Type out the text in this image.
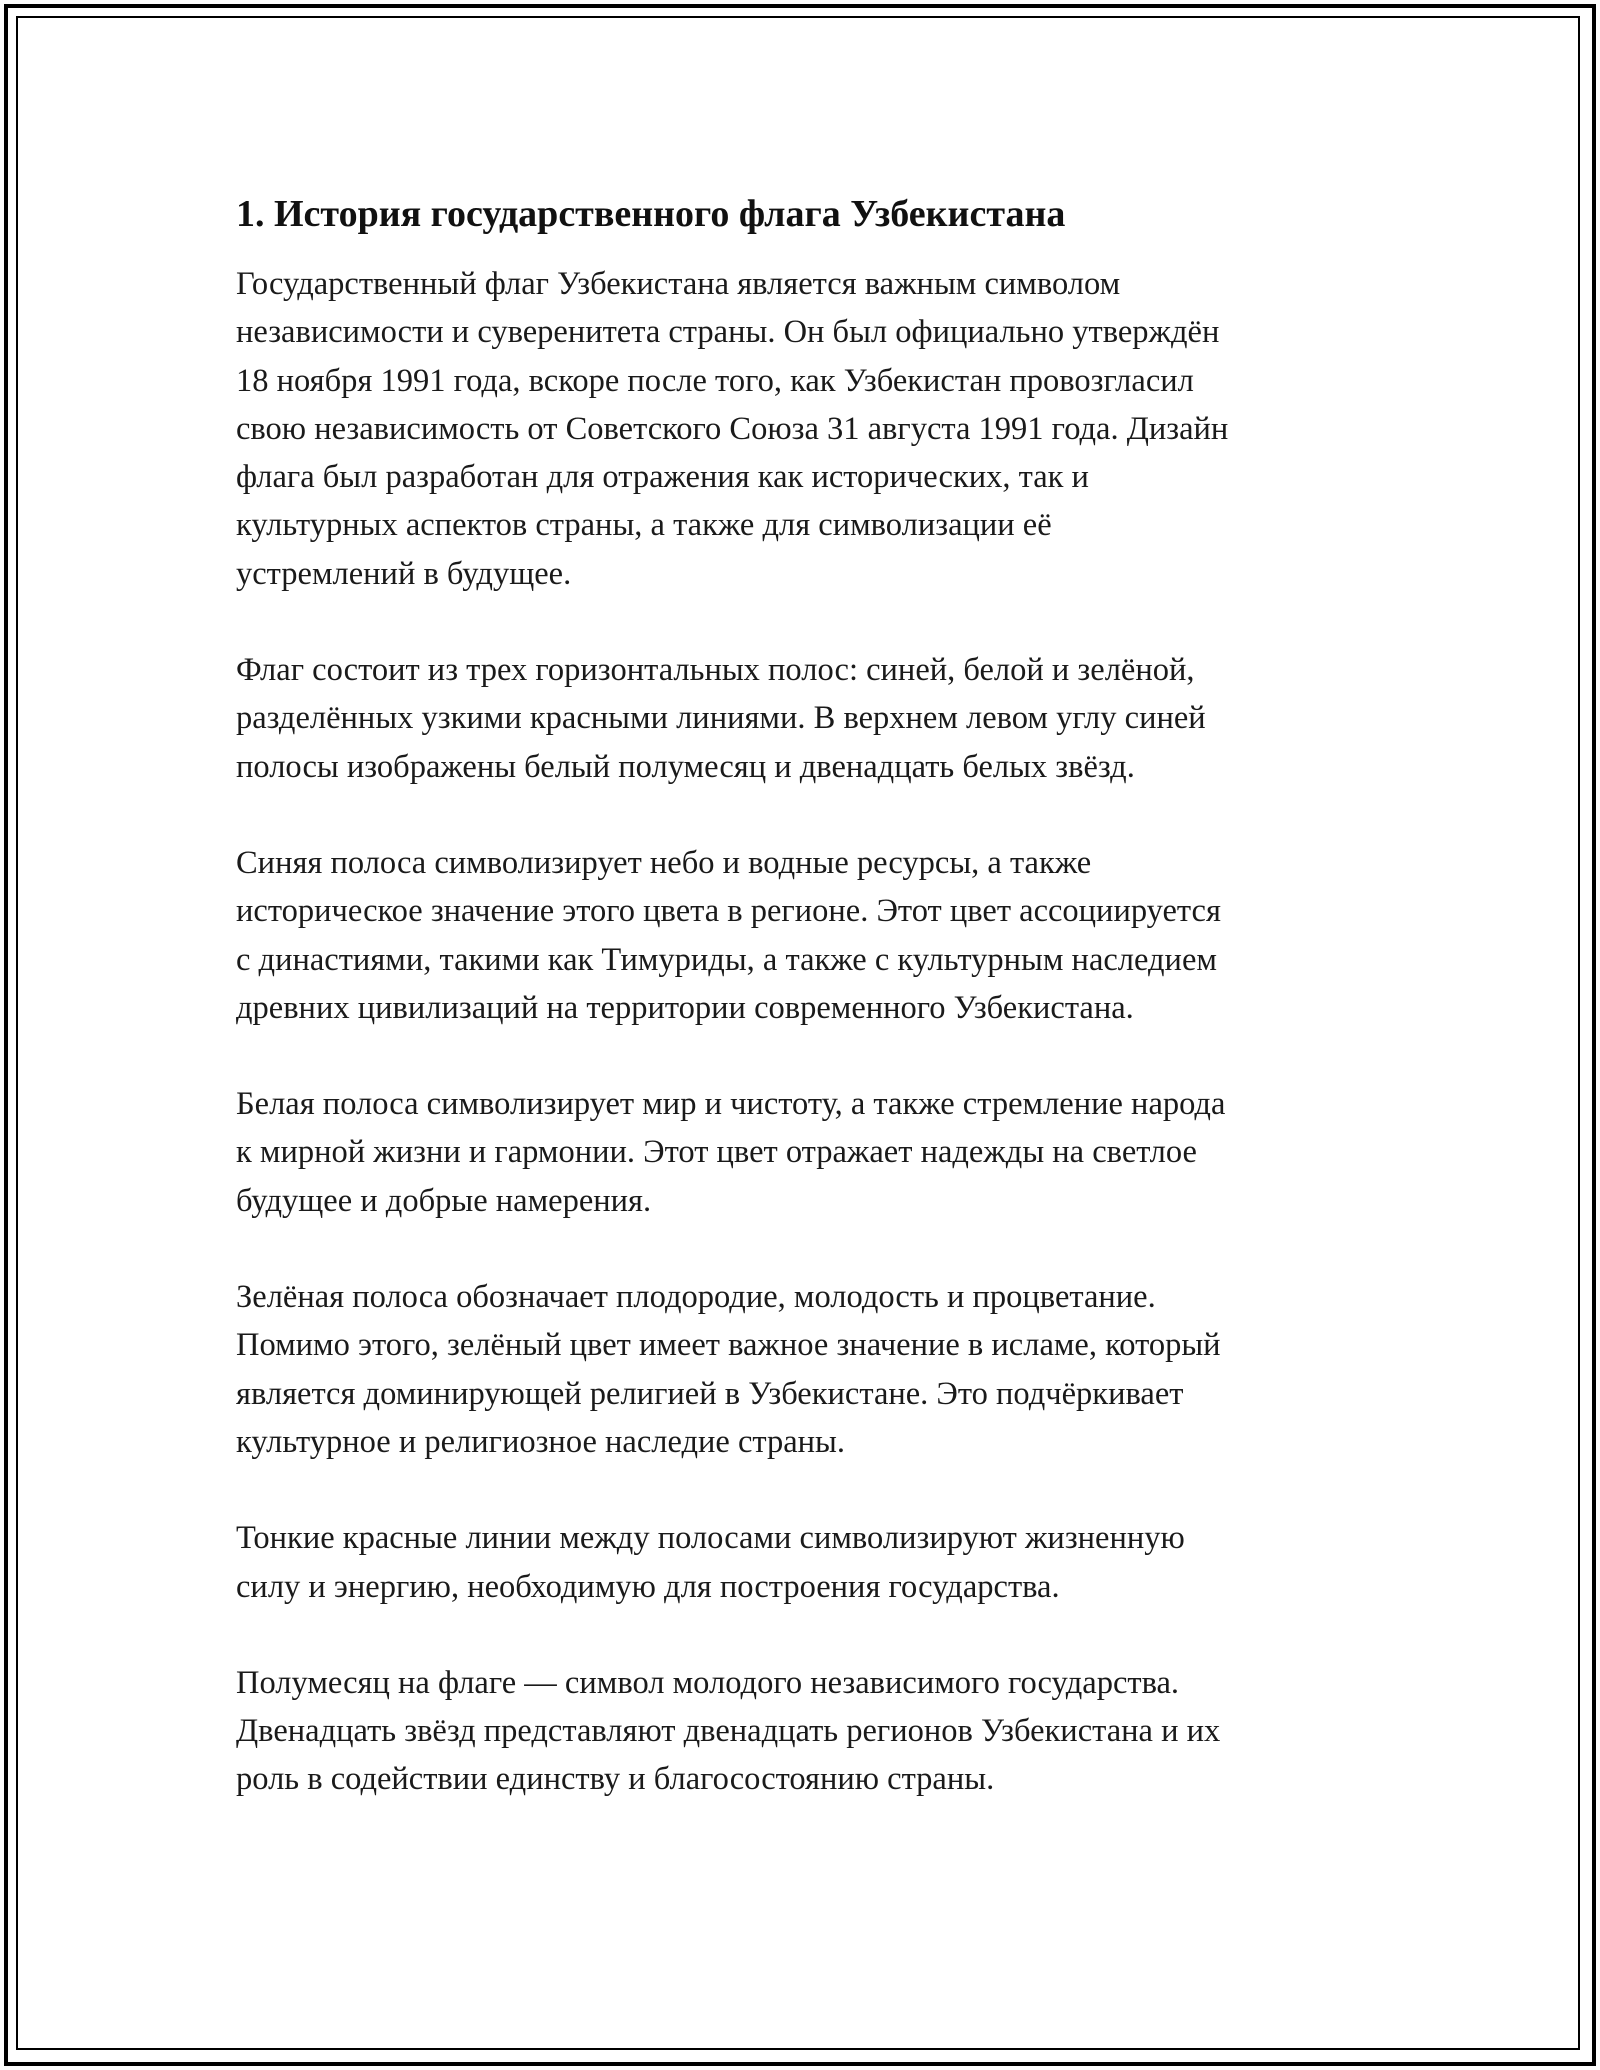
1. История государственного флага Узбекистана

Государственный флаг Узбекистана является важным символом
независимости и суверенитета страны. Он был официально утверждён
18 ноября 1991 года, вскоре после того, как Узбекистан провозгласил
свою независимость от Советского Союза 31 августа 1991 года. Дизайн
флага был разработан для отражения как исторических, так и
культурных аспектов страны, а также для символизации её
устремлений в будущее.

Флаг состоит из трех горизонтальных полос: синей, белой и зелёной,
разделённых узкими красными линиями. В верхнем левом углу синей
полосы изображены белый полумесяц и двенадцать белых звёзд.

Синяя полоса символизирует небо и водные ресурсы, а также
историческое значение этого цвета в регионе. Этот цвет ассоциируется
с династиями, такими как Тимуриды, а также с культурным наследием
древних цивилизаций на территории современного Узбекистана.

Белая полоса символизирует мир и чистоту, а также стремление народа
к мирной жизни и гармонии. Этот цвет отражает надежды на светлое
будущее и добрые намерения.

Зелёная полоса обозначает плодородие, молодость и процветание.
Помимо этого, зелёный цвет имеет важное значение в исламе, который
является доминирующей религией в Узбекистане. Это подчёркивает
культурное и религиозное наследие страны.

Тонкие красные линии между полосами символизируют жизненную
силу и энергию, необходимую для построения государства.

Полумесяц на флаге — символ молодого независимого государства.
Двенадцать звёзд представляют двенадцать регионов Узбекистана и их
роль в содействии единству и благосостоянию страны.
